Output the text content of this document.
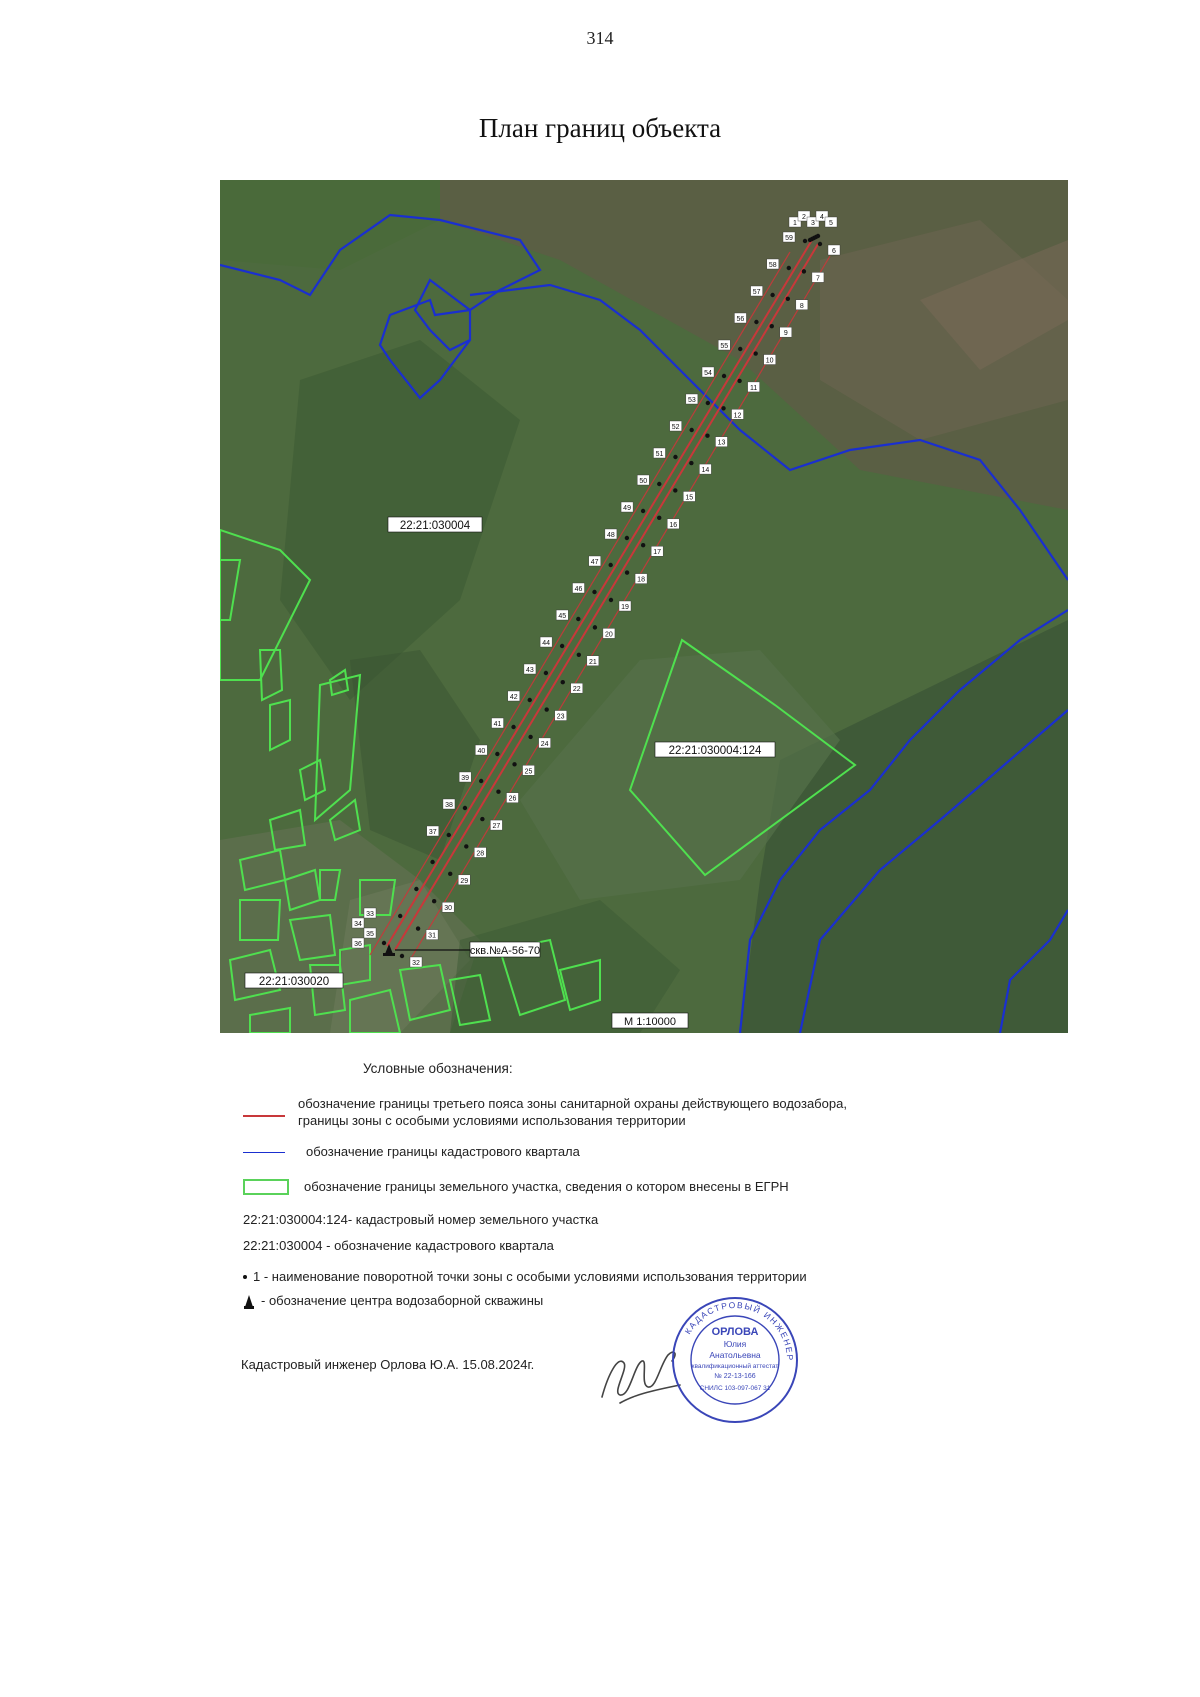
314
План границ объекта
1
2
3
4
5
6
7
8
9
10
11
12
13
14
15
16
17
18
19
20
21
22
23
24
25
26
27
28
29
30
31
32
33
34
35
36
37
38
39
40
41
42
43
44
45
46
47
48
49
50
51
52
53
54
55
56
57
58
59
22:21:030004
22:21:030004:124
22:21:030020
скв.№А-56-70
М 1:10000
Условные обозначения:
обозначение границы третьего пояса зоны санитарной охраны действующего водозабора,
границы зоны с особыми условиями использования территории
обозначение границы кадастрового квартала
обозначение границы земельного участка, сведения о котором внесены в ЕГРН
22:21:030004:124- кадастровый номер земельного участка
22:21:030004 - обозначение кадастрового квартала
1 - наименование поворотной точки зоны с особыми условиями использования территории
- обозначение центра водозаборной скважины
Кадастровый инженер Орлова Ю.А. 15.08.2024г.
КАДАСТРОВЫЙ ИНЖЕНЕР
ОРЛОВА
Юлия
Анатольевна
квалификационный аттестат
№ 22-13-166
СНИЛС 103-097-067 31
